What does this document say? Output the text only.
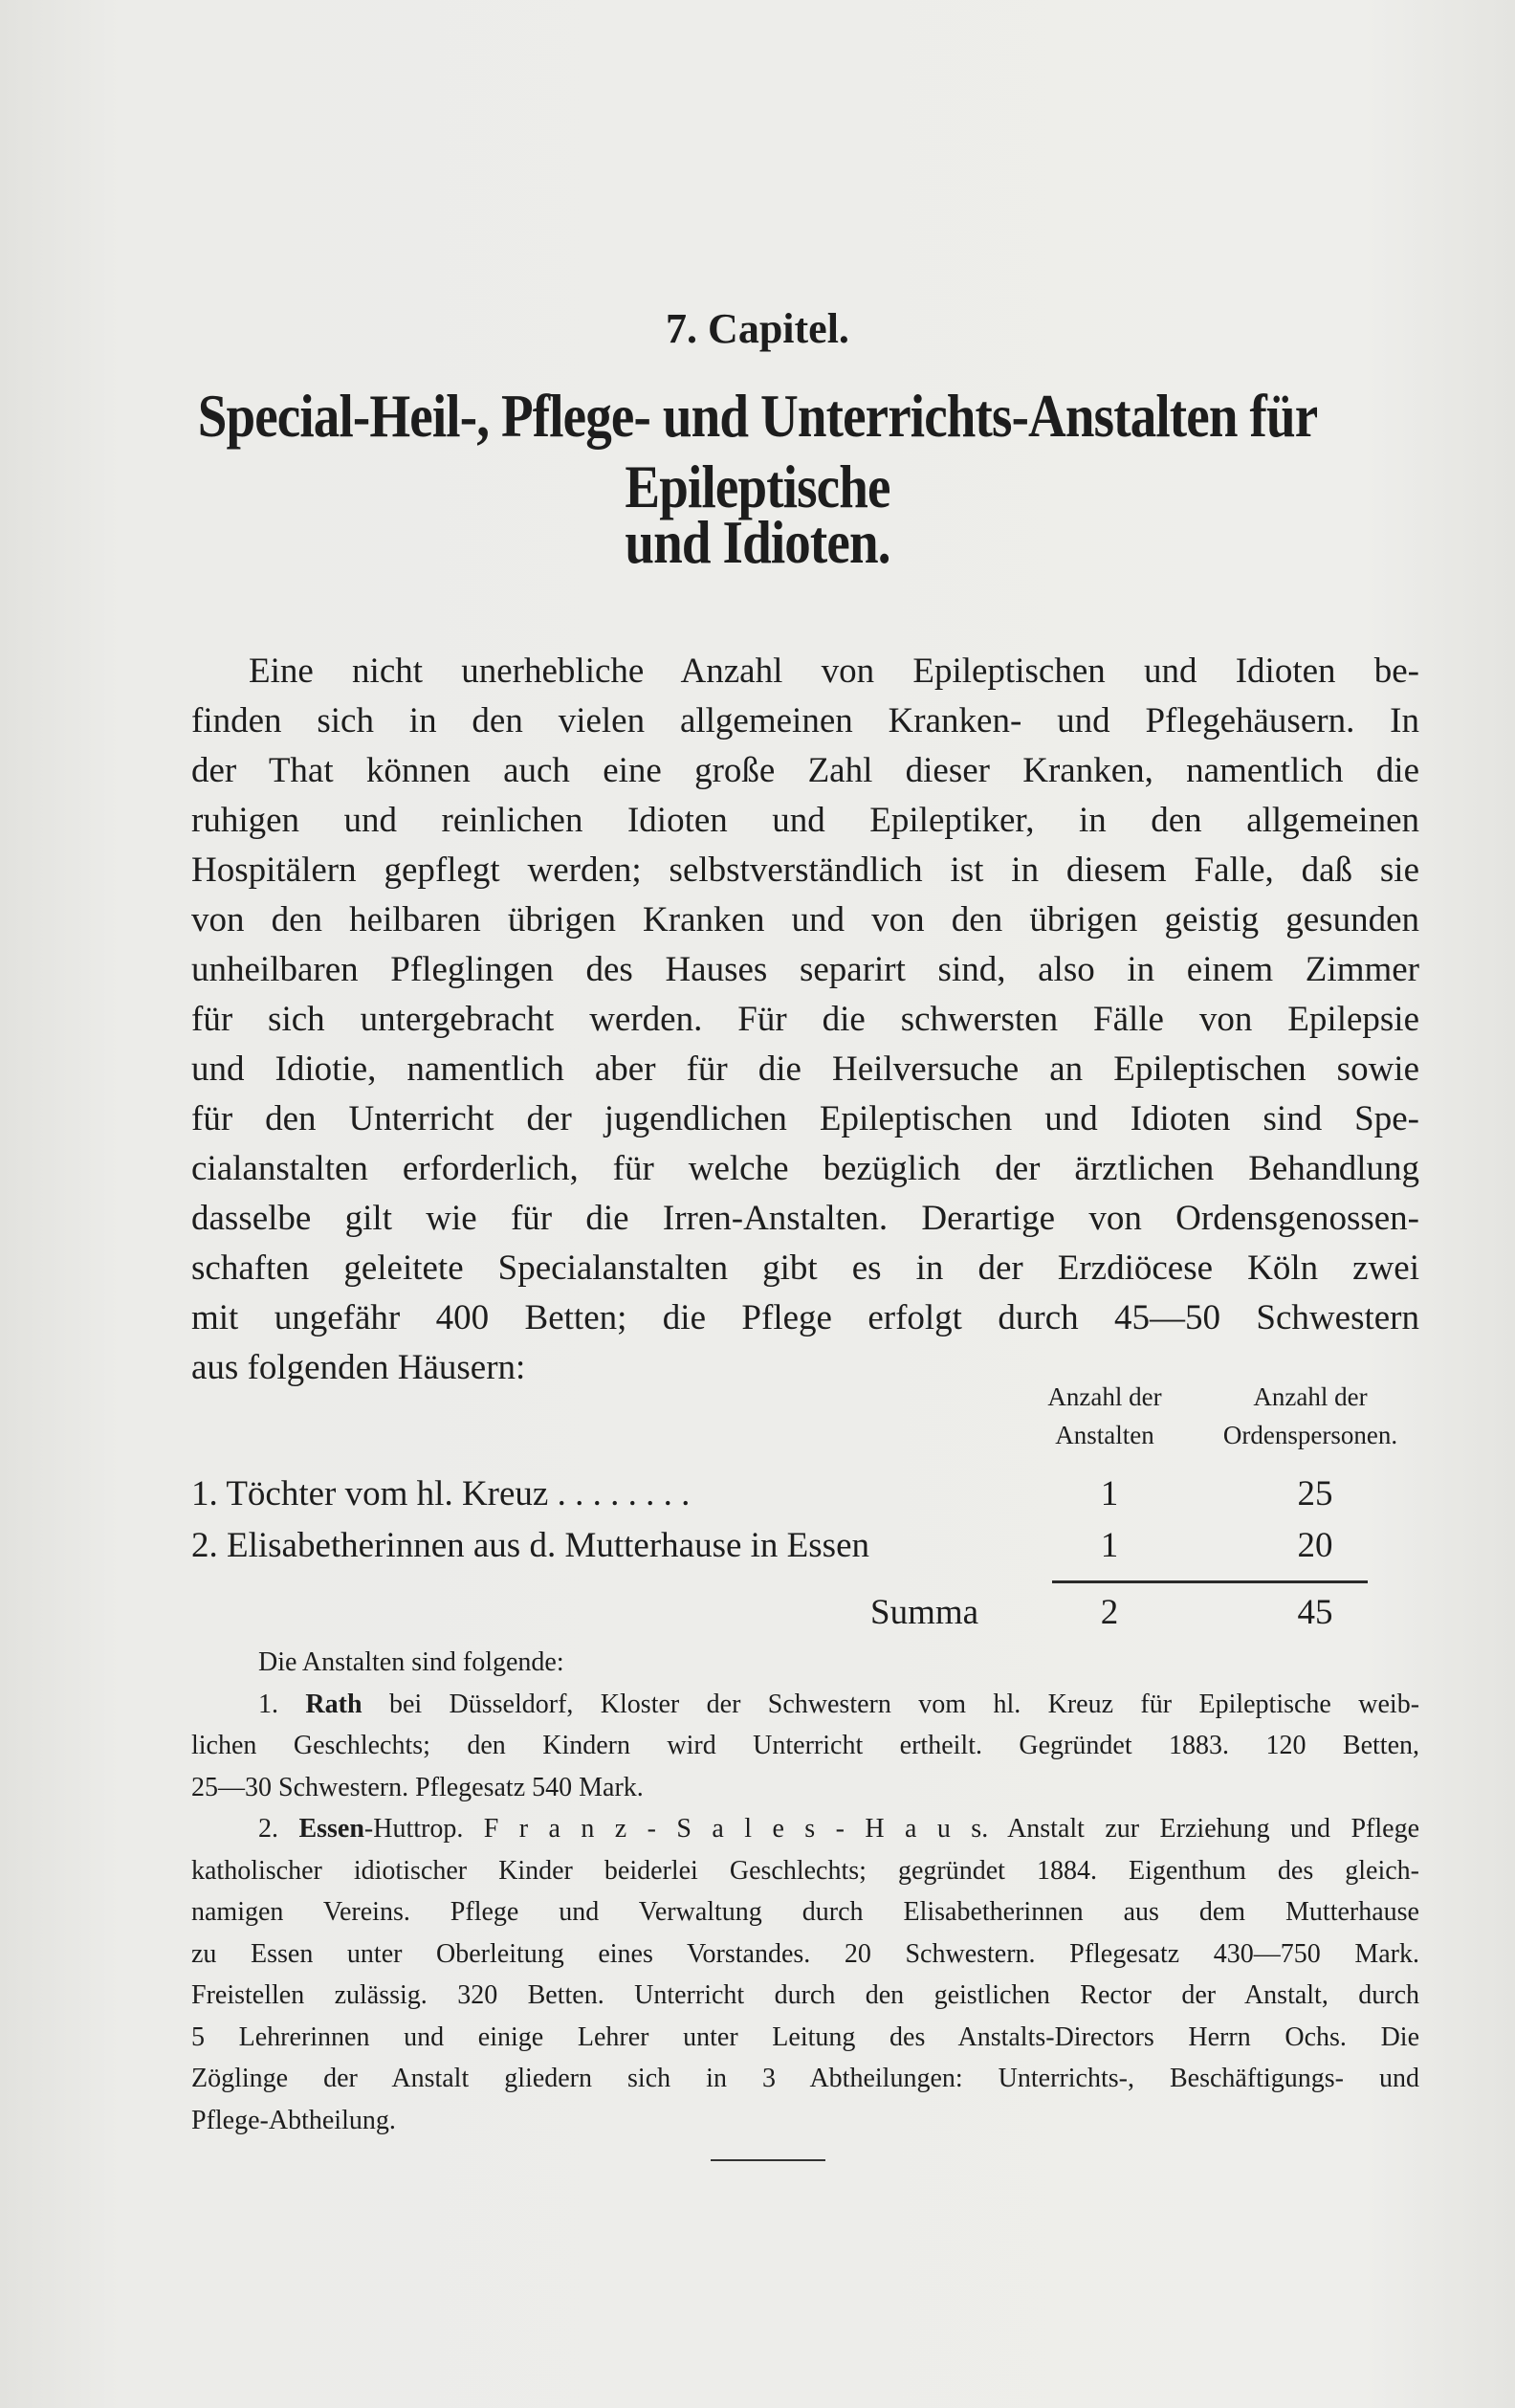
7. Capitel.
Special-Heil-, Pflege- und Unterrichts-Anstalten für Epileptische
und Idioten.
Eine nicht unerhebliche Anzahl von Epileptischen und Idioten be-
finden sich in den vielen allgemeinen Kranken- und Pflegehäusern. In
der That können auch eine große Zahl dieser Kranken, namentlich die
ruhigen und reinlichen Idioten und Epileptiker, in den allgemeinen
Hospitälern gepflegt werden; selbstverständlich ist in diesem Falle, daß sie
von den heilbaren übrigen Kranken und von den übrigen geistig gesunden
unheilbaren Pfleglingen des Hauses separirt sind, also in einem Zimmer
für sich untergebracht werden. Für die schwersten Fälle von Epilepsie
und Idiotie, namentlich aber für die Heilversuche an Epileptischen sowie
für den Unterricht der jugendlichen Epileptischen und Idioten sind Spe-
cialanstalten erforderlich, für welche bezüglich der ärztlichen Behandlung
dasselbe gilt wie für die Irren-Anstalten. Derartige von Ordensgenossen-
schaften geleitete Specialanstalten gibt es in der Erzdiöcese Köln zwei
mit ungefähr 400 Betten; die Pflege erfolgt durch 45—50 Schwestern
aus folgenden Häusern:
Anzahl der
Anstalten
Anzahl der
Ordenspersonen.
1. Töchter vom hl. Kreuz . . . . . . . .	1	25
2. Elisabetherinnen aus d. Mutterhause in Essen	1	20
Summa	2	45
Die Anstalten sind folgende:
1. Rath bei Düsseldorf, Kloster der Schwestern vom hl. Kreuz für Epileptische weib-
lichen Geschlechts; den Kindern wird Unterricht ertheilt. Gegründet 1883. 120 Betten,
25—30 Schwestern. Pflegesatz 540 Mark.
2. Essen-Huttrop. F r a n z - S a l e s - H a u s. Anstalt zur Erziehung und Pflege
katholischer idiotischer Kinder beiderlei Geschlechts; gegründet 1884. Eigenthum des gleich-
namigen Vereins. Pflege und Verwaltung durch Elisabetherinnen aus dem Mutterhause
zu Essen unter Oberleitung eines Vorstandes. 20 Schwestern. Pflegesatz 430—750 Mark.
Freistellen zulässig. 320 Betten. Unterricht durch den geistlichen Rector der Anstalt, durch
5 Lehrerinnen und einige Lehrer unter Leitung des Anstalts-Directors Herrn Ochs. Die
Zöglinge der Anstalt gliedern sich in 3 Abtheilungen: Unterrichts-, Beschäftigungs- und
Pflege-Abtheilung.
